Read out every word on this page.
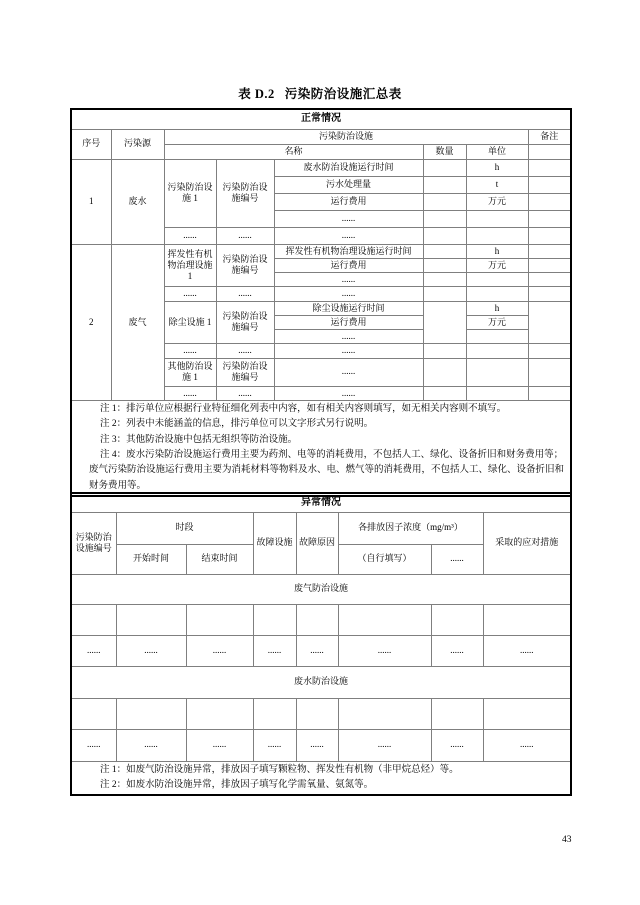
表 D.2 污染防治设施汇总表
正常情况							
序号	污染源	污染防治设施					备注
		名称			数量	单位	
1	废水	污染防治设施 1	污染防治设施编号	废水防治设施运行时间		h	
				污水处理量		t	
				运行费用		万元	
				......			
		......	......	......			
2	废气	挥发性有机物治理设施 1	污染防治设施编号	挥发性有机物治理设施运行时间		h	
				运行费用		万元	
				......			
		......	......	......			
		除尘设施 1	污染防治设施编号	除尘设施运行时间		h	
				运行费用		万元	
				......			
		......	......	......			
		其他防治设施 1	污染防治设施编号	......			
		......	......	......			

注 1：排污单位应根据行业特征细化列表中内容，如有相关内容则填写，如无相关内容则不填写。
注 2：列表中未能涵盖的信息，排污单位可以文字形式另行说明。
注 3：其他防治设施中包括无组织等防治设施。
注 4：废水污染防治设施运行费用主要为药剂、电等的消耗费用，不包括人工、绿化、设备折旧和财务费用等；废气污染防治设施运行费用主要为消耗材料等物料及水、电、燃气等的消耗费用，不包括人工、绿化、设备折旧和财务费用等。							
异常情况							
污染防治设施编号	时段		故障设施	故障原因	各排放因子浓度（mg/m³）		采取的应对措施
	开始时间	结束时间			（自行填写）	......	
废气防治设施							

......	......	......	......	......	......	......	......
废水防治设施							

......	......	......	......	......	......	......	......

注 1：如废气防治设施异常，排放因子填写颗粒物、挥发性有机物（非甲烷总烃）等。
注 2：如废水防治设施异常，排放因子填写化学需氧量、氨氮等。							
43
